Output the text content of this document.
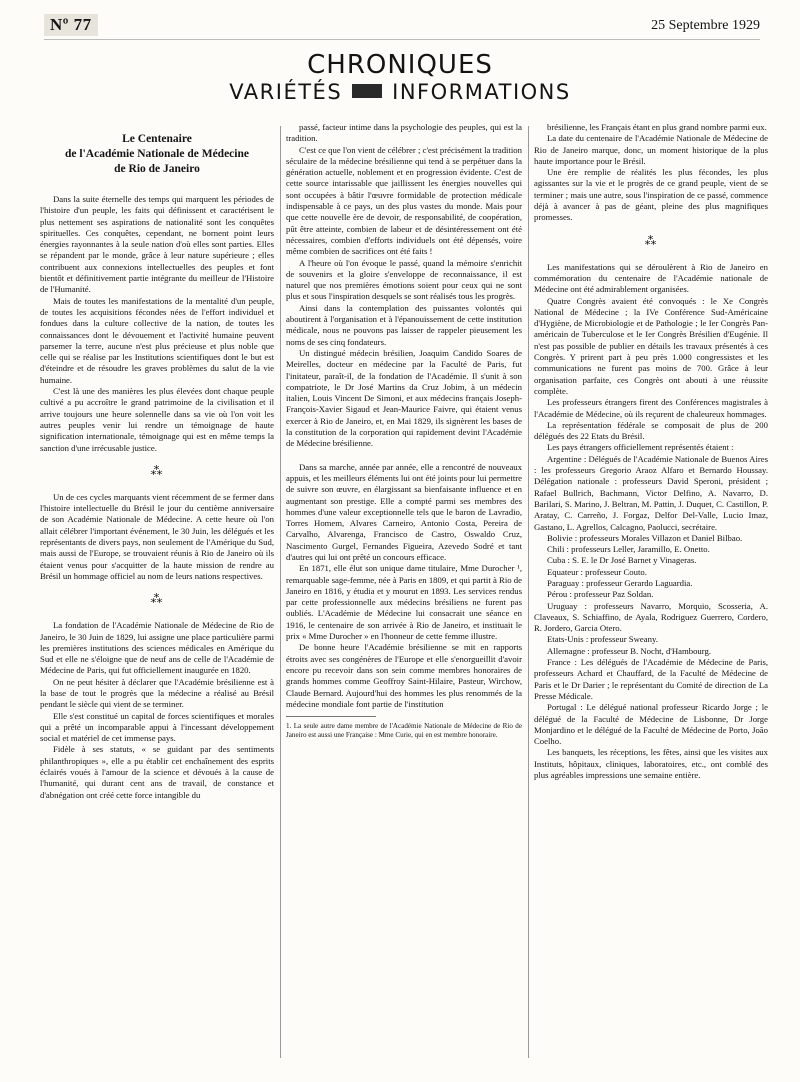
Nº 77	25 Septembre 1929
CHRONIQUES
VARIÉTÉS INFORMATIONS
Le Centenaire
de l'Académie Nationale de Médecine
de Rio de Janeiro

Dans la suite éternelle des temps qui marquent les périodes de l'histoire d'un peuple, les faits qui définissent et caractérisent le plus nettement ses aspirations de nationalité sont les conquêtes spirituelles. Ces conquêtes, cependant, ne bornent point leurs énergies rayonnantes à la seule nation d'où elles sont parties. Elles se répandent par le monde, grâce à leur nature supérieure ; elles contribuent aux connexions intellectuelles des peuples et font bientôt et définitivement partie intégrante du meilleur de l'Histoire de l'Humanité.

Mais de toutes les manifestations de la mentalité d'un peuple, de toutes les acquisitions fécondes nées de l'effort individuel et fondues dans la culture collective de la nation, de toutes les connaissances dont le dévouement et l'activité humaine peuvent parsemer la terre, aucune n'est plus précieuse et plus noble que celle qui se réalise par les Institutions scientifiques dont le but est d'éteindre et de résoudre les graves problèmes du salut de la vie humaine.

C'est là une des manières les plus élevées dont chaque peuple cultivé a pu accroître le grand patrimoine de la civilisation et il arrive toujours une heure solennelle dans sa vie où l'on voit les autres peuples venir lui rendre un témoignage de haute signification internationale, témoignage qui est en même temps la sanction d'une irrécusable justice.

⁂

Un de ces cycles marquants vient récemment de se fermer dans l'histoire intellectuelle du Brésil le jour du centième anniversaire de son Académie Nationale de Médecine. A cette heure où l'on allait célébrer l'important événement, le 30 Juin, les délégués et les représentants de divers pays, non seulement de l'Amérique du Sud, mais aussi de l'Europe, se trouvaient réunis à Rio de Janeiro où ils étaient venus pour s'acquitter de la haute mission de rendre au Brésil un hommage officiel au nom de leurs nations respectives.

⁂

La fondation de l'Académie Nationale de Médecine de Rio de Janeiro, le 30 Juin de 1829, lui assigne une place particulière parmi les premières institutions des sciences médicales en Amérique du Sud et elle ne s'éloigne que de neuf ans de celle de l'Académie de Médecine de Paris, qui fut officiellement inaugurée en 1820.

On ne peut hésiter à déclarer que l'Académie brésilienne est à la base de tout le progrès que la médecine a réalisé au Brésil pendant le siècle qui vient de se terminer.

Elle s'est constitué un capital de forces scientifiques et morales qui a prêté un incomparable appui à l'incessant développement social et matériel de cet immense pays.

Fidèle à ses statuts, « se guidant par des sentiments philanthropiques », elle a pu établir cet enchaînement des esprits éclairés voués à l'amour de la science et dévoués à la cause de l'humanité, qui durant cent ans de travail, de constance et d'abnégation ont créé cette force intangible du

passé, facteur intime dans la psychologie des peuples, qui est la tradition.

C'est ce que l'on vient de célébrer ; c'est précisément la tradition séculaire de la médecine brésilienne qui tend à se perpétuer dans la génération actuelle, noblement et en progression évidente. C'est de cette source intarissable que jaillissent les énergies nouvelles qui sont occupées à bâtir l'œuvre formidable de protection médicale indispensable à ce pays, un des plus vastes du monde. Mais pour que cette nouvelle ère de devoir, de responsabilité, de coopération, pût être atteinte, combien de labeur et de désintéressement ont été nécessaires, combien d'efforts individuels ont été dépensés, voire même combien de sacrifices ont été faits !

A l'heure où l'on évoque le passé, quand la mémoire s'enrichit de souvenirs et la gloire s'enveloppe de reconnaissance, il est naturel que nos premières émotions soient pour ceux qui ne sont plus et sous l'inspiration desquels se sont réalisés tous les progrès.

Ainsi dans la contemplation des puissantes volontés qui aboutirent à l'organisation et à l'épanouissement de cette institution médicale, nous ne pouvons pas laisser de rappeler pieusement les noms de ses cinq fondateurs.

Un distingué médecin brésilien, Joaquim Candido Soares de Meirelles, docteur en médecine par la Faculté de Paris, fut l'initateur, paraît-il, de la fondation de l'Académie. Il s'unit à son compatriote, le Dr José Martins da Cruz Jobim, à un médecin italien, Louis Vincent De Simoni, et aux médecins français Joseph-François-Xavier Sigaud et Jean-Maurice Faivre, qui étaient venus exercer à Rio de Janeiro, et, en Mai 1829, ils signèrent les bases de la constitution de la corporation qui rapidement devint l'Académie de Médecine brésilienne.

Dans sa marche, année par année, elle a rencontré de nouveaux appuis, et les meilleurs éléments lui ont été joints pour lui permettre de suivre son œuvre, en élargissant sa bienfaisante influence et en augmentant son prestige. Elle a compté parmi ses membres des hommes d'une valeur exceptionnelle tels que le baron de Lavradio, Torres Homem, Alvares Carneiro, Antonio Costa, Pereira de Carvalho, Alvarenga, Francisco de Castro, Oswaldo Cruz, Nascimento Gurgel, Fernandes Figueira, Azevedo Sodré et tant d'autres qui lui ont prêté un concours efficace.

En 1871, elle élut son unique dame titulaire, Mme Durocher ¹, remarquable sage-femme, née à Paris en 1809, et qui partit à Rio de Janeiro en 1816, y étudia et y mourut en 1893. Les services rendus par cette professionnelle aux médecins brésiliens ne furent pas oubliés. L'Académie de Médecine lui consacrait une séance en 1916, le centenaire de son arrivée à Rio de Janeiro, et instituait le prix « Mme Durocher » en l'honneur de cette femme illustre.

De bonne heure l'Académie brésilienne se mit en rapports étroits avec ses congénères de l'Europe et elle s'enorgueillit d'avoir encore pu recevoir dans son sein comme membres honoraires de grands hommes comme Geoffroy Saint-Hilaire, Pasteur, Wirchow, Claude Bernard. Aujourd'hui des hommes les plus renommés de la médecine mondiale font partie de l'institution

1. La seule autre dame membre de l'Académie Nationale de Médecine de Rio de Janeiro est aussi une Française : Mme Curie, qui en est membre honoraire.

brésilienne, les Français étant en plus grand nombre parmi eux.

La date du centenaire de l'Académie Nationale de Médecine de Rio de Janeiro marque, donc, un moment historique de la plus haute importance pour le Brésil.

Une ère remplie de réalités les plus fécondes, les plus agissantes sur la vie et le progrès de ce grand peuple, vient de se terminer ; mais une autre, sous l'inspiration de ce passé, commence déjà à avancer à pas de géant, pleine des plus magnifiques promesses.

⁂

Les manifestations qui se déroulèrent à Rio de Janeiro en commémoration du centenaire de l'Académie nationale de Médecine ont été admirablement organisées.

Quatre Congrès avaient été convoqués : le Xe Congrès National de Médecine ; la IVe Conférence Sud-Américaine d'Hygiène, de Microbiologie et de Pathologie ; le Ier Congrès Pan-américain de Tuberculose et le Ier Congrès Brésilien d'Eugénie. Il n'est pas possible de publier en détails les travaux présentés à ces Congrès. Y prirent part à peu près 1.000 congressistes et les communications ne furent pas moins de 700. Grâce à leur organisation parfaite, ces Congrès ont abouti à une réussite complète.

Les professeurs étrangers firent des Conférences magistrales à l'Académie de Médecine, où ils reçurent de chaleureux hommages.

La représentation fédérale se composait de plus de 200 délégués des 22 Etats du Brésil.

Les pays étrangers officiellement représentés étaient :

Argentine : Délégués de l'Académie Nationale de Buenos Aires : les professeurs Gregorio Araoz Alfaro et Bernardo Houssay. Délégation nationale : professeurs David Speroni, président ; Rafael Bullrich, Bachmann, Victor Delfino, A. Navarro, D. Barilari, S. Marino, J. Beltran, M. Pattin, J. Duquet, C. Castillon, P. Aratay, C. Carreño, J. Forgaz, Delfor Del-Valle, Lucio Imaz, Gastano, L. Agrellos, Calcagno, Paolucci, secrétaire.

Bolivie : professeurs Morales Villazon et Daniel Bilbao.

Chili : professeurs Leller, Jaramillo, E. Onetto.

Cuba : S. E. le Dr José Barnet y Vinageras.

Equateur : professeur Couto.

Paraguay : professeur Gerardo Laguardia.

Pérou : professeur Paz Soldan.

Uruguay : professeurs Navarro, Morquio, Scosseria, A. Claveaux, S. Schiaffino, de Ayala, Rodriguez Guerrero, Cordero, R. Jordero, Garcia Otero.

Etats-Unis : professeur Sweany.

Allemagne : professeur B. Nocht, d'Hambourg.

France : Les délégués de l'Académie de Médecine de Paris, professeurs Achard et Chauffard, de la Faculté de Médecine de Paris et le Dr Darier ; le représentant du Comité de direction de La Presse Médicale.

Portugal : Le délégué national professeur Ricardo Jorge ; le délégué de la Faculté de Médecine de Lisbonne, Dr Jorge Monjardino et le délégué de la Faculté de Médecine de Porto, João Coelho.

Les banquets, les réceptions, les fêtes, ainsi que les visites aux Instituts, hôpitaux, cliniques, laboratoires, etc., ont comblé des plus agréables impressions une semaine entière.
